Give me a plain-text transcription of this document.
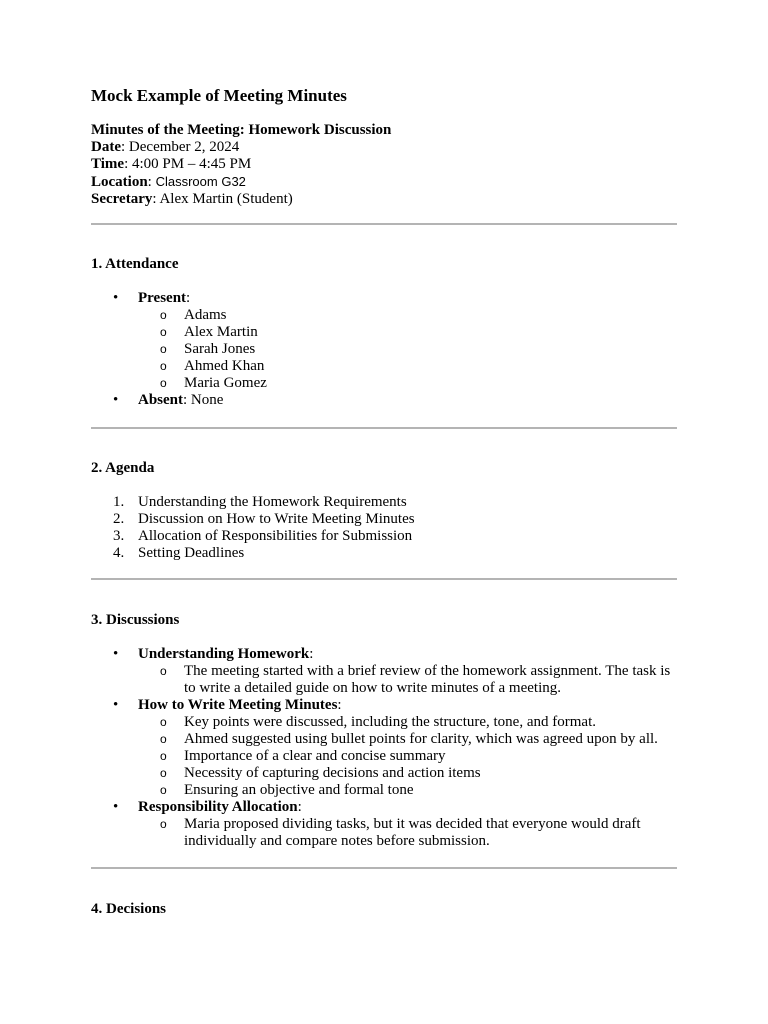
Mock Example of Meeting Minutes
Minutes of the Meeting: Homework Discussion
Date: December 2, 2024
Time: 4:00 PM – 4:45 PM
Location: Classroom G32
Secretary: Alex Martin (Student)
1. Attendance
• Present:
o Adams
o Alex Martin
o Sarah Jones
o Ahmed Khan
o Maria Gomez
• Absent: None
2. Agenda
1. Understanding the Homework Requirements
2. Discussion on How to Write Meeting Minutes
3. Allocation of Responsibilities for Submission
4. Setting Deadlines
3. Discussions
• Understanding Homework:
o The meeting started with a brief review of the homework assignment. The task is to write a detailed guide on how to write minutes of a meeting.
• How to Write Meeting Minutes:
o Key points were discussed, including the structure, tone, and format.
o Ahmed suggested using bullet points for clarity, which was agreed upon by all.
o Importance of a clear and concise summary
o Necessity of capturing decisions and action items
o Ensuring an objective and formal tone
• Responsibility Allocation:
o Maria proposed dividing tasks, but it was decided that everyone would draft individually and compare notes before submission.
4. Decisions
